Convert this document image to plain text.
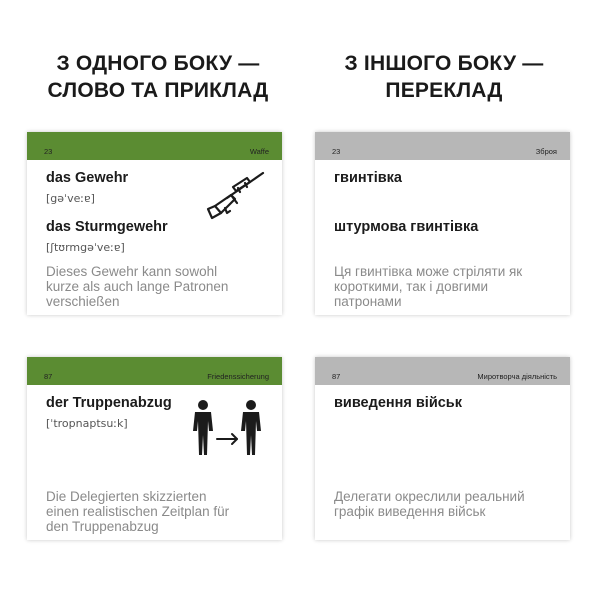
З ОДНОГО БОКУ —
СЛОВО ТА ПРИКЛАД
З ІНШОГО БОКУ —
ПЕРЕКЛАД
23	Waffe
das Gewehr
[gəˈveːɐ]
das Sturmgewehr
[ʃtʊrmgəˈveːɐ]
Dieses Gewehr kann sowohl
kurze als auch lange Patronen
verschießen
23	Зброя
гвинтівка
штурмова гвинтівка
Ця гвинтівка може стріляти як
короткими, так і довгими
патронами
87	Friedenssicherung
der Truppenabzug
[ˈtropnaptsuːk]
Die Delegierten skizzierten
einen realistischen Zeitplan für
den Truppenabzug
87	Миротворча діяльність
виведення військ
Делегати окреслили реальний
графік виведення військ
